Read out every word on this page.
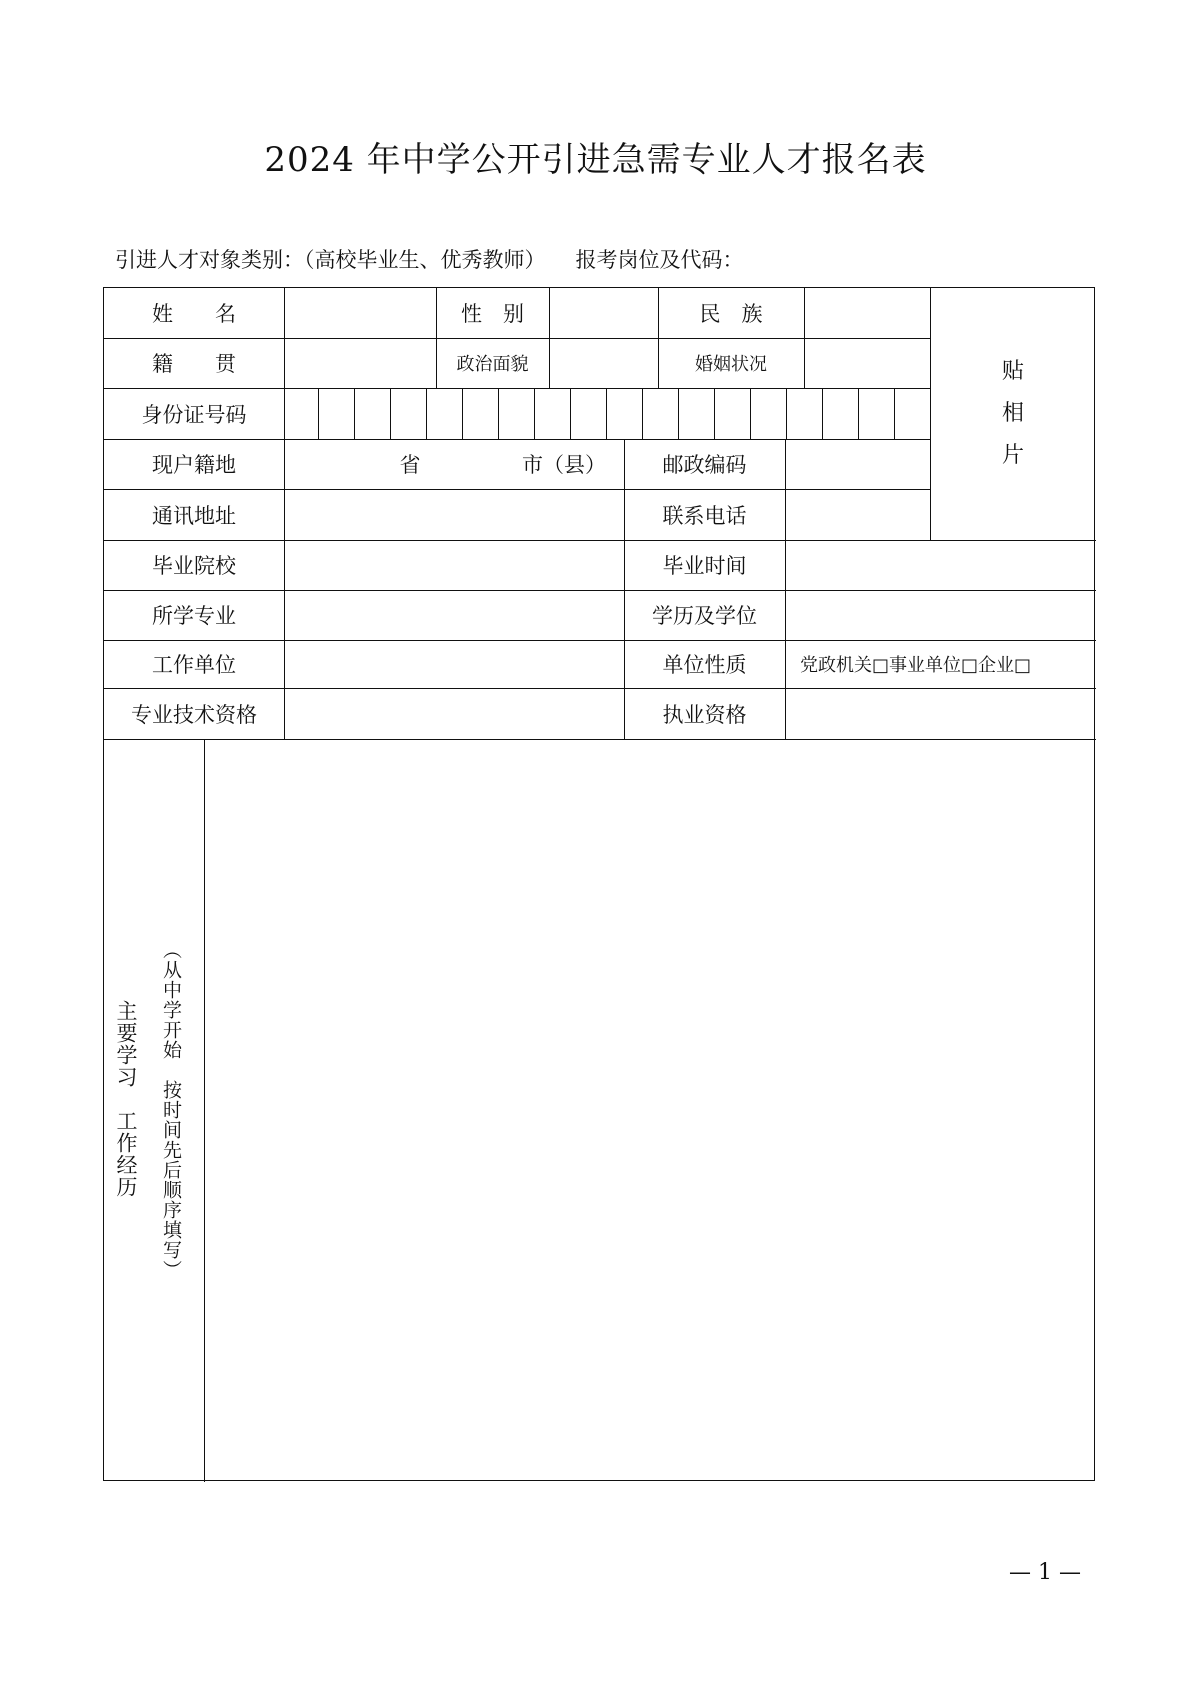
2024 年中学公开引进急需专业人才报名表
引进人才对象类别：（高校毕业生、优秀教师） 报考岗位及代码：
姓　　名	性　别	民　族
籍　　贯	政治面貌	婚姻状况
身份证号码
现户籍地	省	市（县）	邮政编码
通讯地址	联系电话
毕业院校	毕业时间
所学专业	学历及学位
工作单位	单位性质	党政机关□事业单位□企业□
专业技术资格	执业资格
贴
相
片
主要学习　工作经历 （从中学开始　按时间先后顺序填写）
— 1 —
